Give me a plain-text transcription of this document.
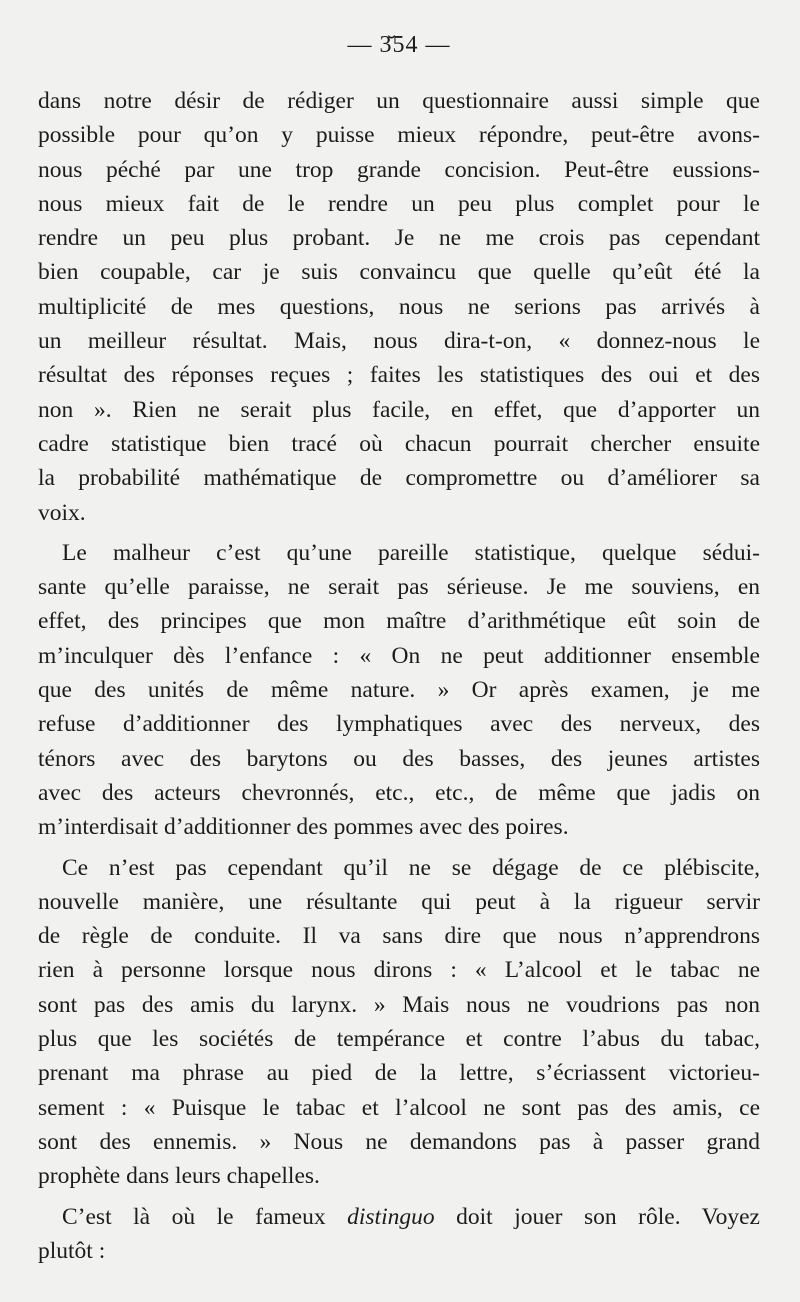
— 3̆54 —

dans notre désir de rédiger un questionnaire aussi simple que
possible pour qu’on y puisse mieux répondre, peut-être avons-
nous péché par une trop grande concision. Peut-être eussions-
nous mieux fait de le rendre un peu plus complet pour le
rendre un peu plus probant. Je ne me crois pas cependant
bien coupable, car je suis convaincu que quelle qu’eût été la
multiplicité de mes questions, nous ne serions pas arrivés à
un meilleur résultat. Mais, nous dira-t-on, « donnez-nous le
résultat des réponses reçues ; faites les statistiques des oui et des
non ». Rien ne serait plus facile, en effet, que d’apporter un
cadre statistique bien tracé où chacun pourrait chercher ensuite
la probabilité mathématique de compromettre ou d’améliorer sa
voix.

Le malheur c’est qu’une pareille statistique, quelque sédui-
sante qu’elle paraisse, ne serait pas sérieuse. Je me souviens, en
effet, des principes que mon maître d’arithmétique eût soin de
m’inculquer dès l’enfance : « On ne peut additionner ensemble
que des unités de même nature. » Or après examen, je me
refuse d’additionner des lymphatiques avec des nerveux, des
ténors avec des barytons ou des basses, des jeunes artistes
avec des acteurs chevronnés, etc., etc., de même que jadis on
m’interdisait d’additionner des pommes avec des poires.

Ce n’est pas cependant qu’il ne se dégage de ce plébiscite,
nouvelle manière, une résultante qui peut à la rigueur servir
de règle de conduite. Il va sans dire que nous n’apprendrons
rien à personne lorsque nous dirons : « L’alcool et le tabac ne
sont pas des amis du larynx. » Mais nous ne voudrions pas non
plus que les sociétés de tempérance et contre l’abus du tabac,
prenant ma phrase au pied de la lettre, s’écriassent victorieu-
sement : « Puisque le tabac et l’alcool ne sont pas des amis, ce
sont des ennemis. » Nous ne demandons pas à passer grand
prophète dans leurs chapelles.

C’est là où le fameux distinguo doit jouer son rôle. Voyez
plutôt :
